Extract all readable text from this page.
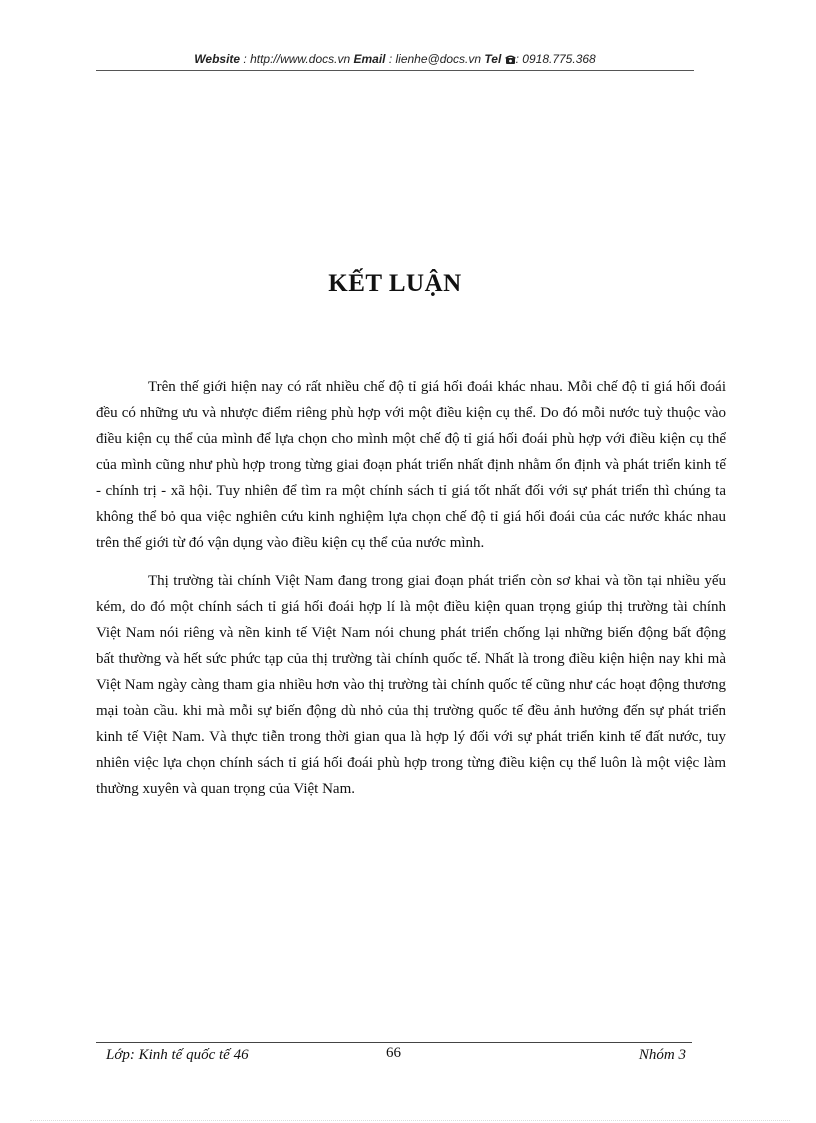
Website : http://www.docs.vn Email : lienhe@docs.vn Tel : 0918.775.368
KẾT LUẬN

Trên thế giới hiện nay có rất nhiều chế độ tỉ giá hối đoái khác nhau. Mỗi chế độ tỉ giá hối đoái đều có những ưu và nhược điểm riêng phù hợp với một điều kiện cụ thể. Do đó mỗi nước tuỳ thuộc vào điều kiện cụ thể của mình để lựa chọn cho mình một chế độ tỉ giá hối đoái phù hợp với điều kiện cụ thể của mình cũng như phù hợp trong từng giai đoạn phát triển nhất định nhằm ổn định và phát triển kinh tế - chính trị - xã hội. Tuy nhiên để tìm ra một chính sách tỉ giá tốt nhất đối với sự phát triển thì chúng ta không thể bỏ qua việc nghiên cứu kinh nghiệm lựa chọn chế độ tỉ giá hối đoái của các nước khác nhau trên thế giới từ đó vận dụng vào điều kiện cụ thể của nước mình.

Thị trường tài chính Việt Nam đang trong giai đoạn phát triển còn sơ khai và tồn tại nhiều yếu kém, do đó một chính sách tỉ giá hối đoái hợp lí là một điều kiện quan trọng giúp thị trường tài chính Việt Nam nói riêng và nền kinh tế Việt Nam nói chung phát triển chống lại những biến động bất động bất thường và hết sức phức tạp của thị trường tài chính quốc tế. Nhất là trong điều kiện hiện nay khi mà Việt Nam ngày càng tham gia nhiều hơn vào thị trường tài chính quốc tế cũng như các hoạt động thương mại toàn cầu. khi mà mỗi sự biến động dù nhỏ của thị trường quốc tế đều ảnh hưởng đến sự phát triển kinh tế Việt Nam. Và thực tiễn trong thời gian qua là hợp lý đối với sự phát triển kinh tế đất nước, tuy nhiên việc lựa chọn chính sách tỉ giá hối đoái phù hợp trong từng điều kiện cụ thể luôn là một việc làm thường xuyên và quan trọng của Việt Nam.

Lớp: Kinh tế quốc tế 46	66	Nhóm 3
